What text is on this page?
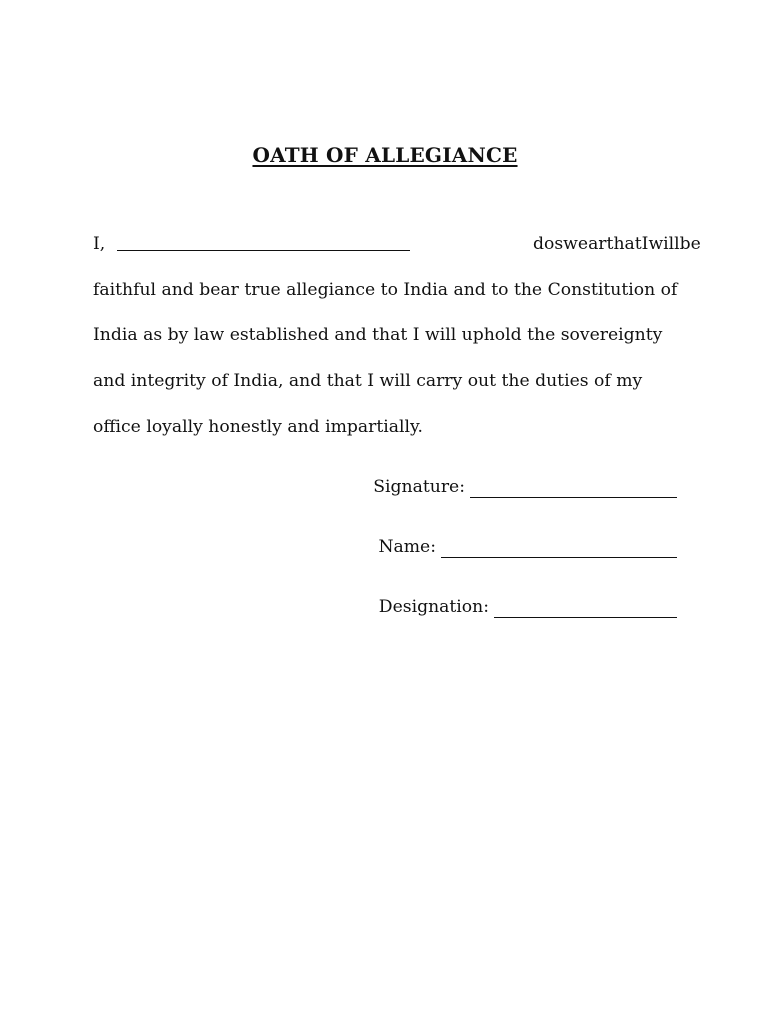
OATH OF ALLEGIANCE
I,	do swear that I will be

faithful and bear true allegiance to India and to the Constitution of

India as by law established and that I will uphold the sovereignty

and integrity of India, and that I will carry out the duties of my

office loyally honestly and impartially.

Signature:
Name:
Designation:
